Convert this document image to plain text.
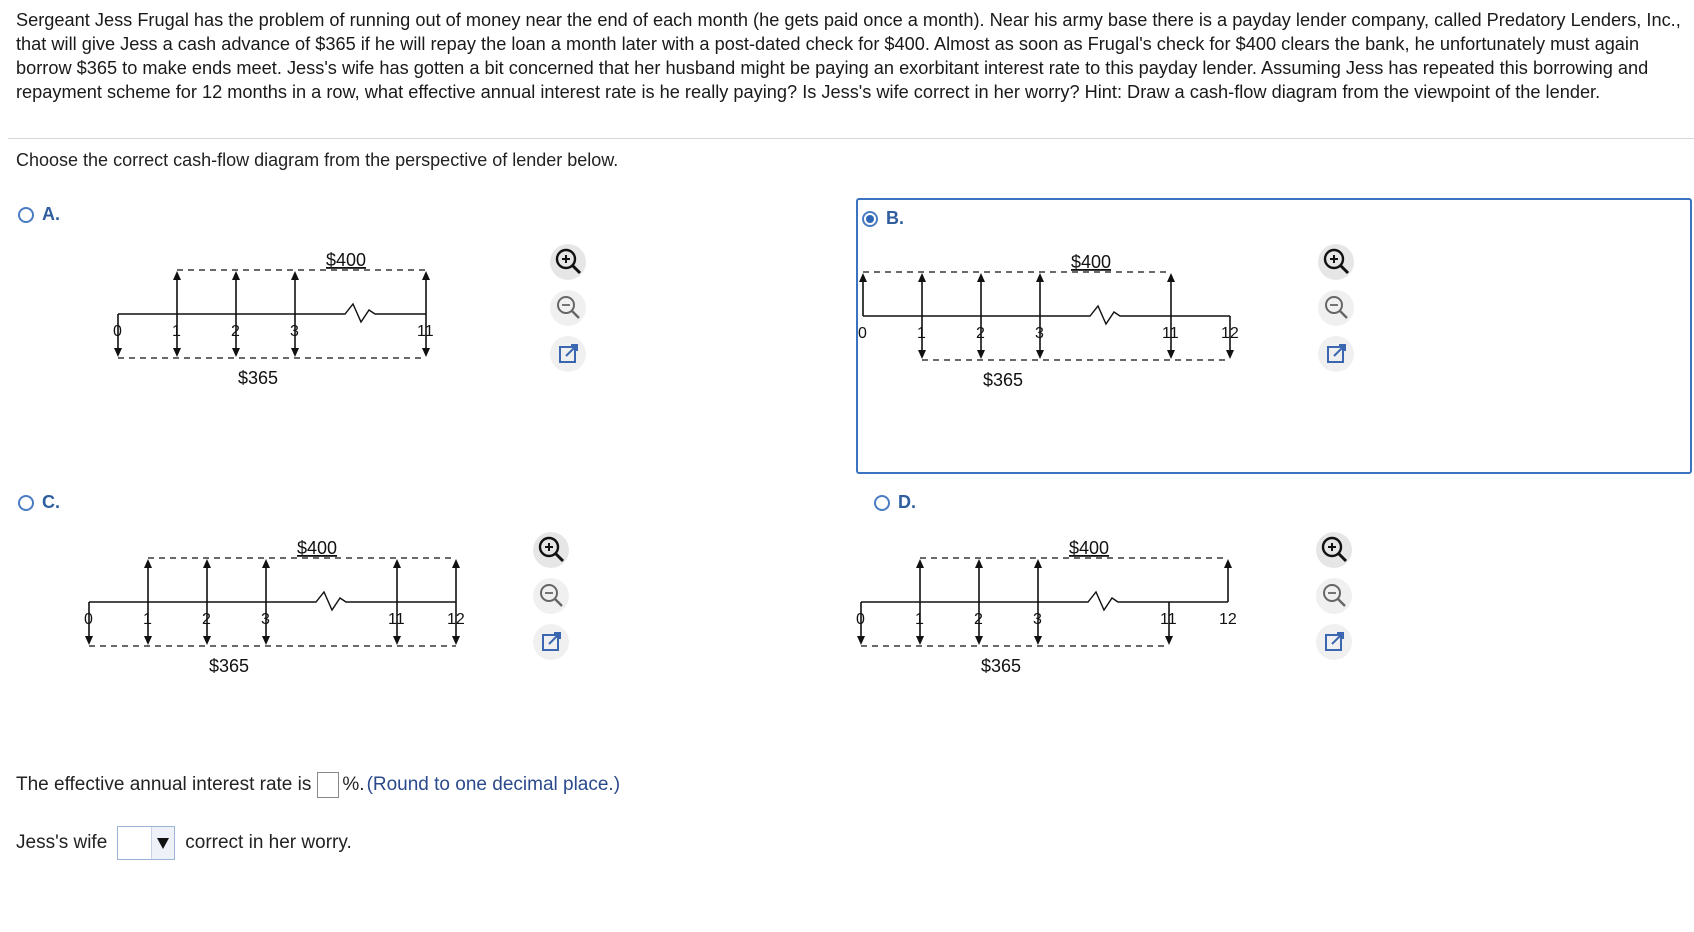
Sergeant Jess Frugal has the problem of running out of money near the end of each month (he gets paid once a month). Near his army base there is a payday lender company, called Predatory Lenders, Inc., that will give Jess a cash advance of $365 if he will repay the loan a month later with a post-dated check for $400. Almost as soon as Frugal's check for $400 clears the bank, he unfortunately must again borrow $365 to make ends meet. Jess's wife has gotten a bit concerned that her husband might be paying an exorbitant interest rate to this payday lender. Assuming Jess has repeated this borrowing and repayment scheme for 12 months in a row, what effective annual interest rate is he really paying? Is Jess's wife correct in her worry? Hint: Draw a cash-flow diagram from the viewpoint of the lender.
Choose the correct cash-flow diagram from the perspective of lender below.
A.
0	1	2	3	11
$400
$365
B.
0	1	2	3	11	12
$400
$365
C.
0	1	2	3	11	12
$400
$365
D.
0	1	2	3	11	12
$400
$365
The effective annual interest rate is %. (Round to one decimal place.)
Jess's wife	correct in her worry.
